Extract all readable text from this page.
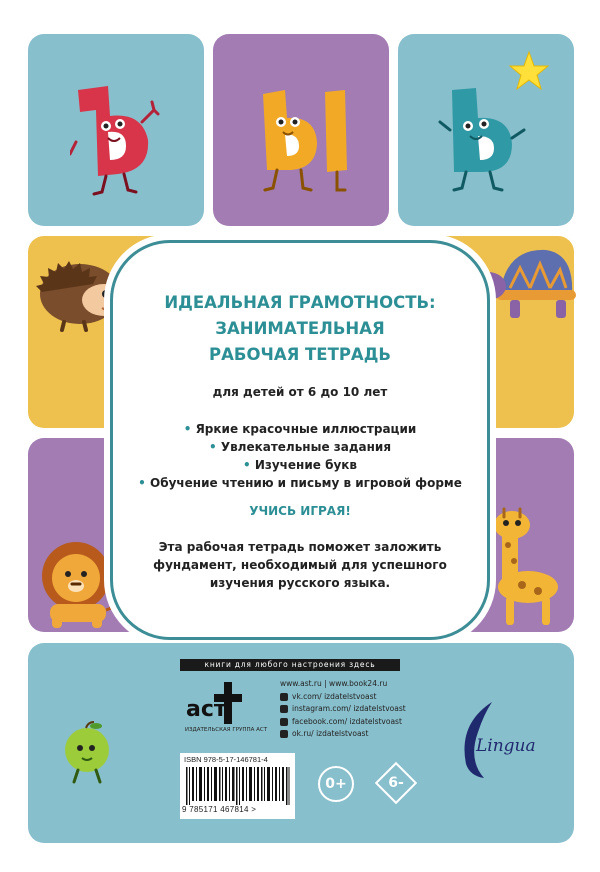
ИДЕАЛЬНАЯ ГРАМОТНОСТЬ:
ЗАНИМАТЕЛЬНАЯ
РАБОЧАЯ ТЕТРАДЬ
для детей от 6 до 10 лет
• Яркие красочные иллюстрации
• Увлекательные задания
• Изучение букв
• Обучение чтению и письму в игровой форме
УЧИСЬ ИГРАЯ!
Эта рабочая тетрадь поможет заложить
фундамент, необходимый для успешного
изучения русского языка.
книги для любого настроения здесь
аст
ИЗДАТЕЛЬСКАЯ ГРУППА АСТ
www.ast.ru | www.book24.ru
vk.com/ izdatelstvoast
instagram.com/ izdatelstvoast
facebook.com/ izdatelstvoast
ok.ru/ izdatelstvoast
ISBN 978-5-17-146781-4
9 785171 467814 >
0+	6-
Lingua
